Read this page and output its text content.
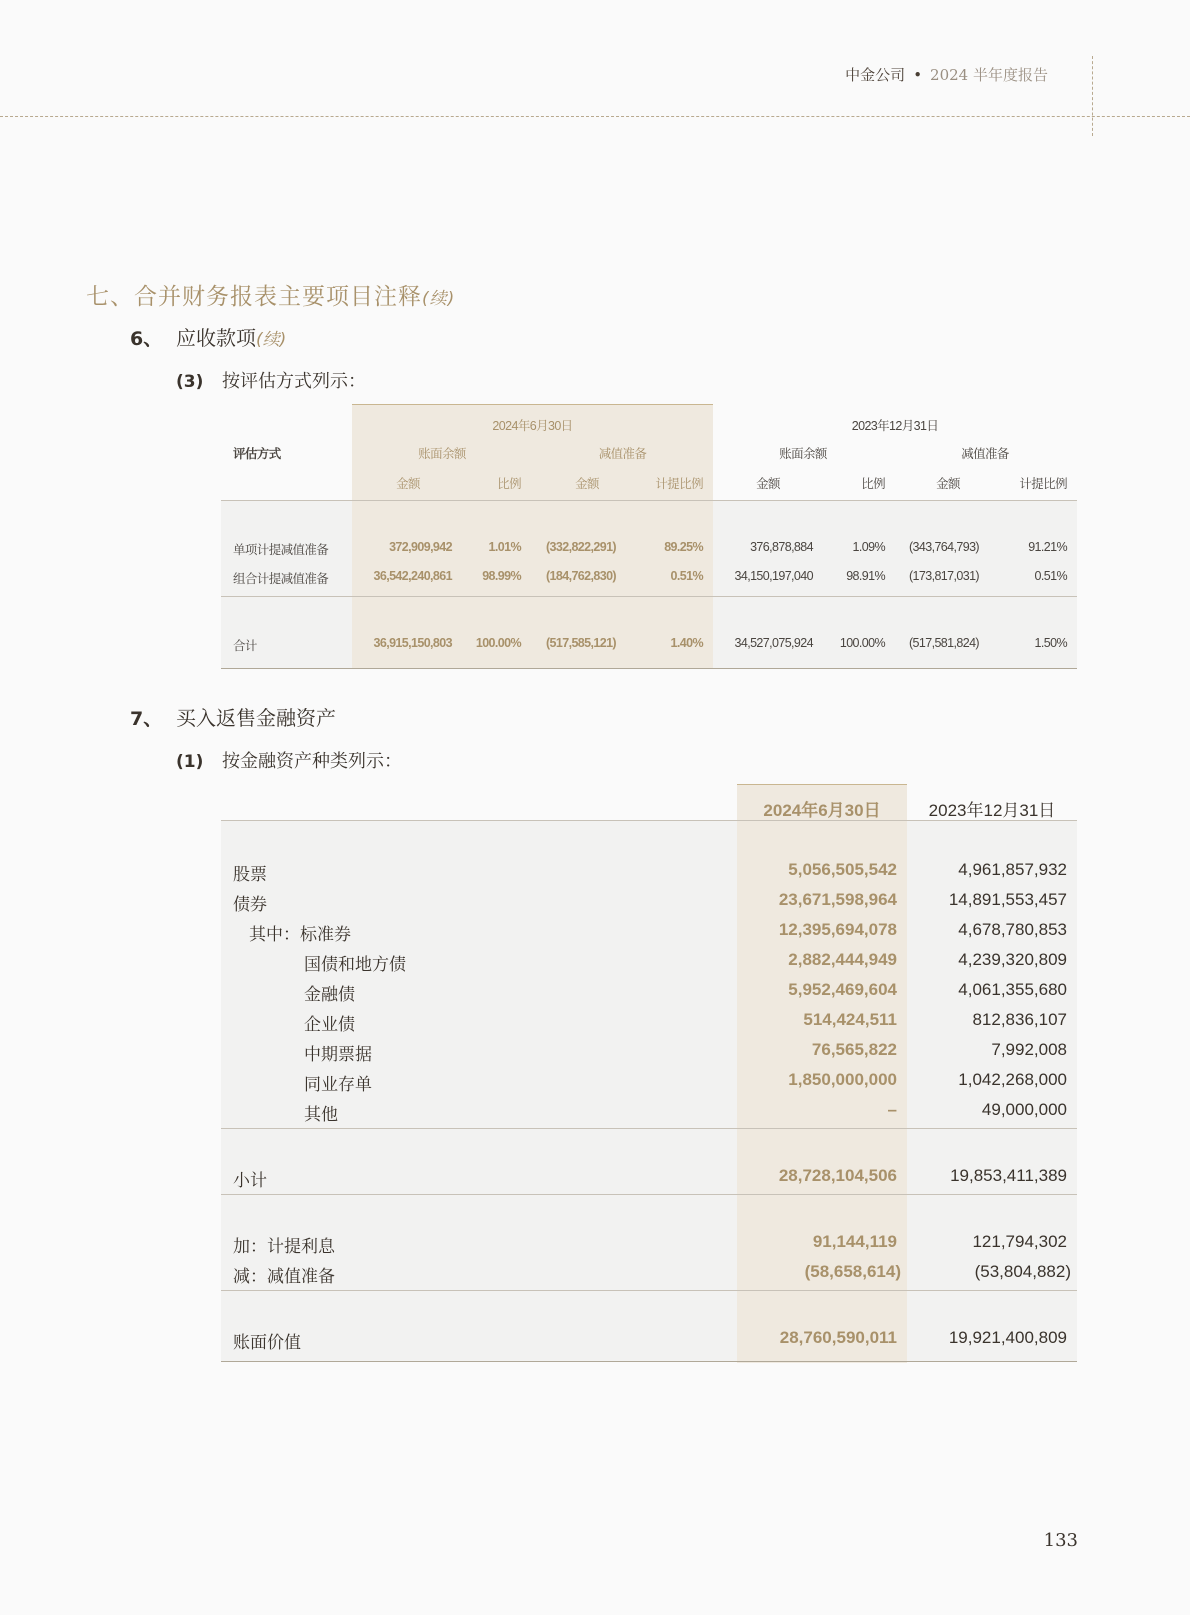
中金公司 • 2024 半年度报告
七、合并财务报表主要项目注释(续)
6、 应收款项(续)
(3) 按评估方式列示：
2024年6月30日	2023年12月31日
评估方式	账面余额	减值准备	账面余额	减值准备
金额	比例	金额	计提比例	金额	比例	金额	计提比例
单项计提减值准备	372,909,942	1.01%	(332,822,291)	89.25%	376,878,884	1.09%	(343,764,793)	91.21%
组合计提减值准备	36,542,240,861	98.99%	(184,762,830)	0.51%	34,150,197,040	98.91%	(173,817,031)	0.51%
合计	36,915,150,803	100.00%	(517,585,121)	1.40%	34,527,075,924	100.00%	(517,581,824)	1.50%
7、 买入返售金融资产
(1) 按金融资产种类列示：
2024年6月30日	2023年12月31日
股票	5,056,505,542	4,961,857,932
债券	23,671,598,964	14,891,553,457
其中：标准券	12,395,694,078	4,678,780,853
国债和地方债	2,882,444,949	4,239,320,809
金融债	5,952,469,604	4,061,355,680
企业债	514,424,511	812,836,107
中期票据	76,565,822	7,992,008
同业存单	1,850,000,000	1,042,268,000
其他	–	49,000,000
小计	28,728,104,506	19,853,411,389
加：计提利息	91,144,119	121,794,302
减：减值准备	(58,658,614)	(53,804,882)
账面价值	28,760,590,011	19,921,400,809
133
